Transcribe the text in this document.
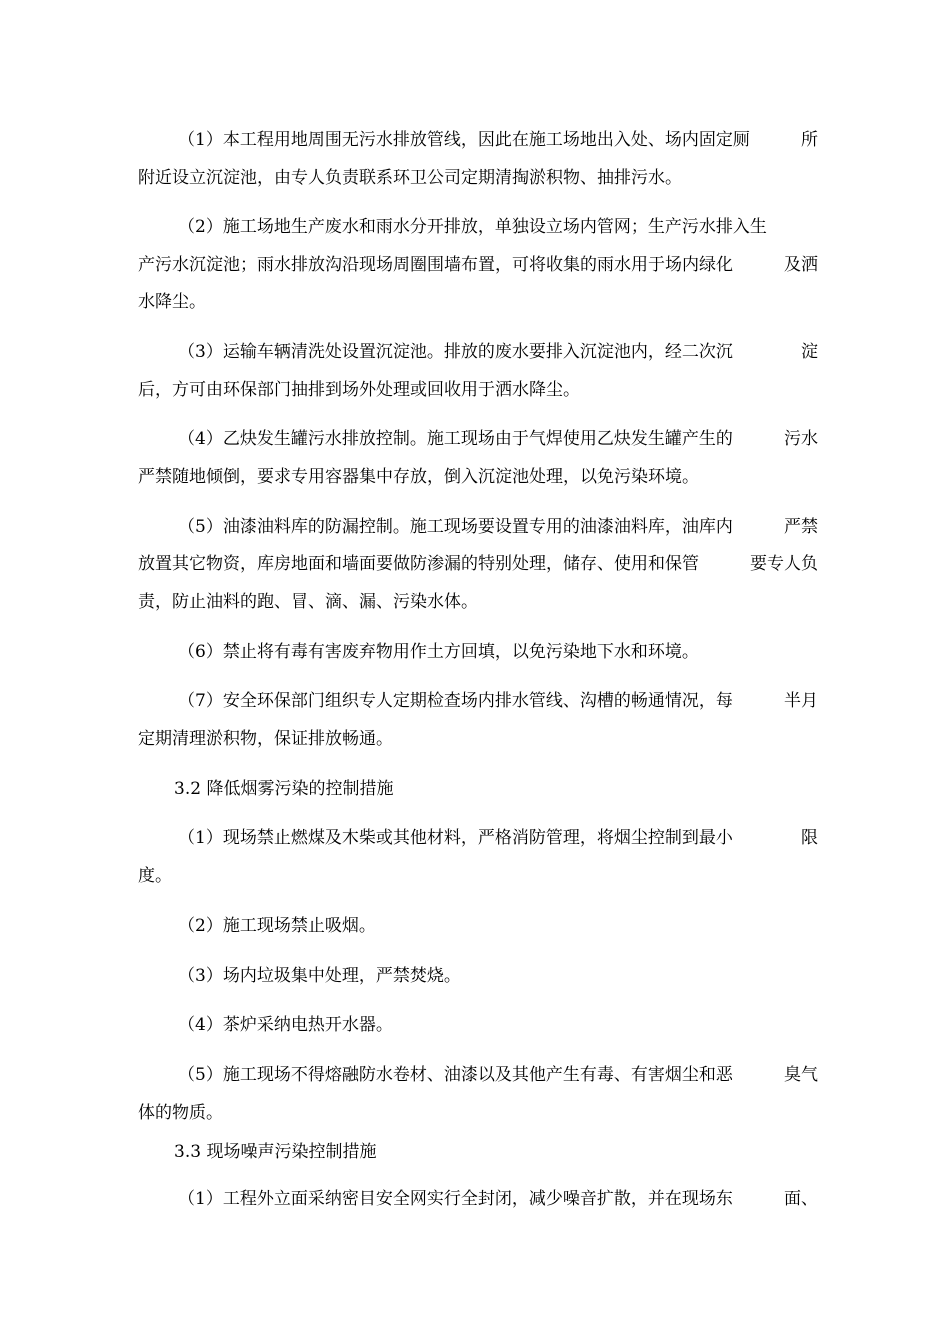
（1）本工程用地周围无污水排放管线，因此在施工场地出入处、场内固定厕	所
附近设立沉淀池，由专人负责联系环卫公司定期清掏淤积物、抽排污水。
（2）施工场地生产废水和雨水分开排放，单独设立场内管网；生产污水排入生
产污水沉淀池；雨水排放沟沿现场周圈围墙布置，可将收集的雨水用于场内绿化	及洒
水降尘。
（3）运输车辆清洗处设置沉淀池。排放的废水要排入沉淀池内，经二次沉	淀
后，方可由环保部门抽排到场外处理或回收用于洒水降尘。
（4）乙炔发生罐污水排放控制。施工现场由于气焊使用乙炔发生罐产生的	污水
严禁随地倾倒，要求专用容器集中存放，倒入沉淀池处理，以免污染环境。
（5）油漆油料库的防漏控制。施工现场要设置专用的油漆油料库，油库内	严禁
放置其它物资，库房地面和墙面要做防渗漏的特别处理，储存、使用和保管	要专人负
责，防止油料的跑、冒、滴、漏、污染水体。
（6）禁止将有毒有害废弃物用作土方回填，以免污染地下水和环境。
（7）安全环保部门组织专人定期检查场内排水管线、沟槽的畅通情况，每	半月
定期清理淤积物，保证排放畅通。
3.2 降低烟雾污染的控制措施
（1）现场禁止燃煤及木柴或其他材料，严格消防管理，将烟尘控制到最小	限
度。
（2）施工现场禁止吸烟。
（3）场内垃圾集中处理，严禁焚烧。
（4）茶炉采纳电热开水器。
（5）施工现场不得熔融防水卷材、油漆以及其他产生有毒、有害烟尘和恶	臭气
体的物质。
3.3 现场噪声污染控制措施
（1）工程外立面采纳密目安全网实行全封闭，减少噪音扩散，并在现场东	面、
